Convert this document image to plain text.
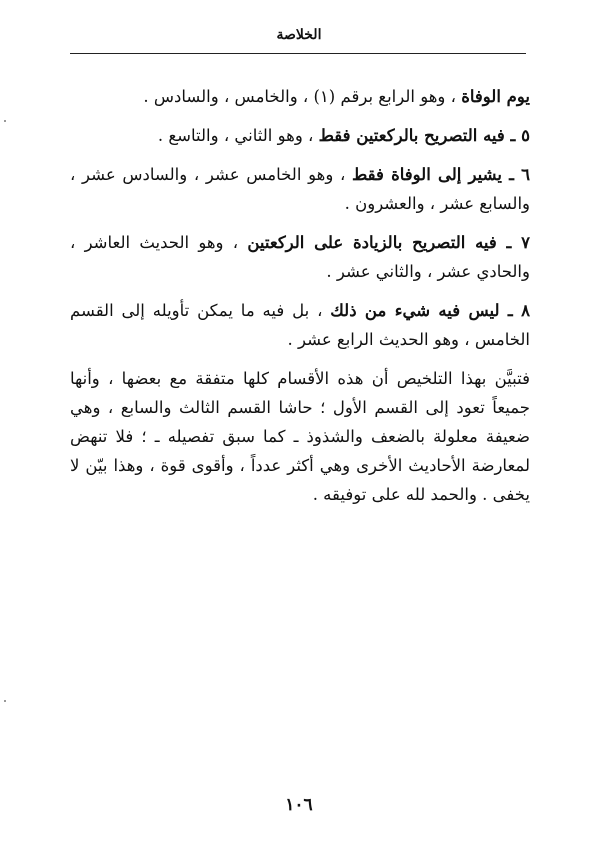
الخلاصة

يوم الوفاة ، وهو الرابع برقم (١) ، والخامس ، والسادس .

٥ ـ فيه التصريح بالركعتين فقط ، وهو الثاني ، والتاسع .

٦ ـ يشير إلى الوفاة فقط ، وهو الخامس عشر ، والسادس عشر ، والسابع عشر ، والعشرون .

٧ ـ فيه التصريح بالزيادة على الركعتين ، وهو الحديث العاشر ، والحادي عشر ، والثاني عشر .

٨ ـ ليس فيه شيء من ذلك ، بل فيه ما يمكن تأويله إلى القسم الخامس ، وهو الحديث الرابع عشر .

فتبيَّن بهذا التلخيص أن هذه الأقسام كلها متفقة مع بعضها ، وأنها جميعاً تعود إلى القسم الأول ؛ حاشا القسم الثالث والسابع ، وهي ضعيفة معلولة بالضعف والشذوذ ـ كما سبق تفصيله ـ ؛ فلا تنهض لمعارضة الأحاديث الأخرى وهي أكثر عدداً ، وأقوى قوة ، وهذا بيّن لا يخفى . والحمد لله على توفيقه .

١٠٦
